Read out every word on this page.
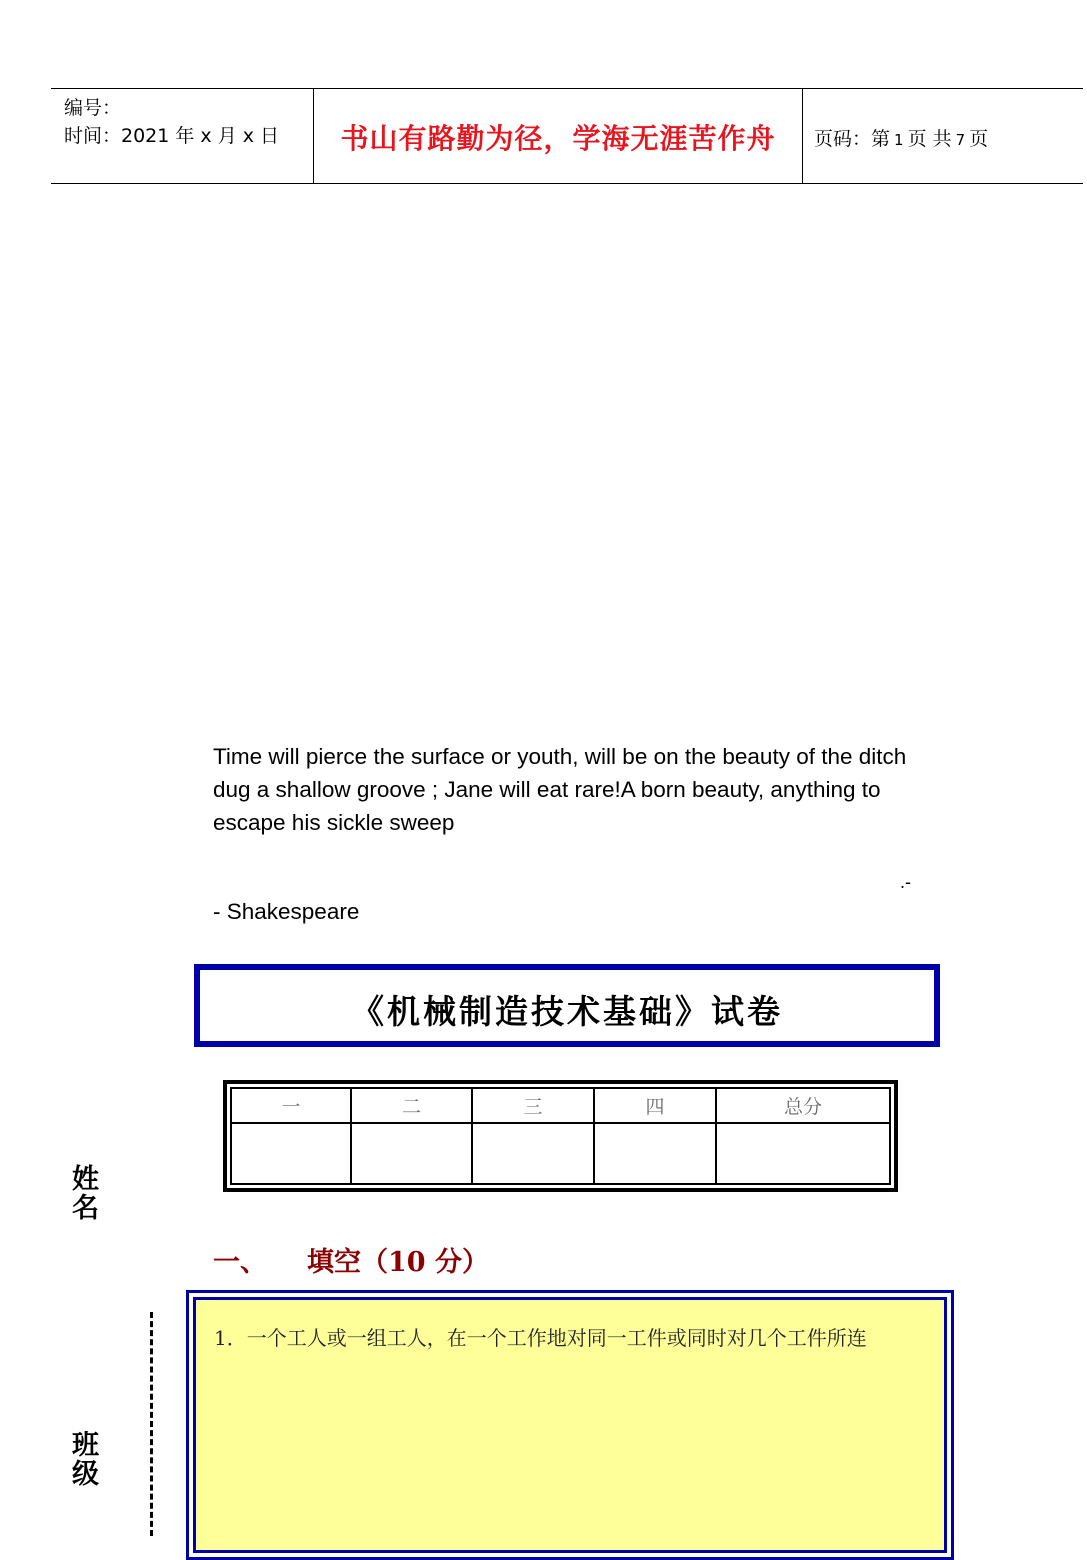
编号：
时间：2021 年 x 月 x 日	书山有路勤为径，学海无涯苦作舟	页码：第 1 页 共 7 页
Time will pierce the surface or youth, will be on the beauty of the ditch dug a shallow groove ; Jane will eat rare!A born beauty, anything to escape his sickle sweep
.-
- Shakespeare
《机械制造技术基础》试卷
一	二	三	四	总分

姓名
班级
一、 填空（10 分）
1．一个工人或一组工人，在一个工作地对同一工件或同时对几个工件所连
